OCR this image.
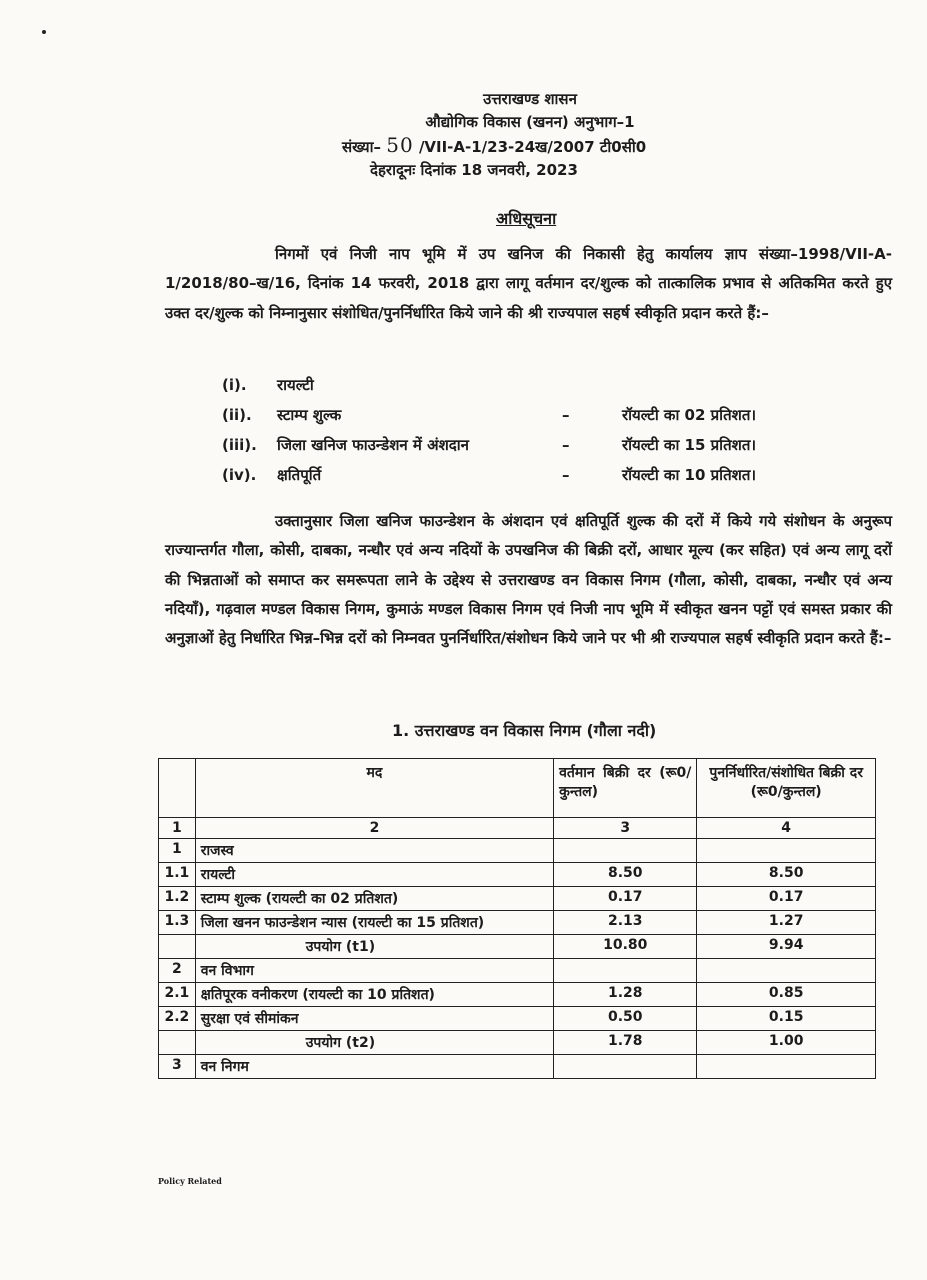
उत्तराखण्ड शासन
औद्योगिक विकास (खनन) अनुभाग–1
संख्या– 50 /VII-A-1/23-24ख/2007 टी0सी0
देहरादूनः दिनांक 18 जनवरी, 2023
अधिसूचना
निगमों एवं निजी नाप भूमि में उप खनिज की निकासी हेतु कार्यालय ज्ञाप संख्या–1998/VII-A-1/2018/80–ख/16, दिनांक 14 फरवरी, 2018 द्वारा लागू वर्तमान दर/शुल्क को तात्कालिक प्रभाव से अतिकमित करते हुए उक्त दर/शुल्क को निम्नानुसार संशोधित/पुनर्निर्धारित किये जाने की श्री राज्यपाल सहर्ष स्वीकृति प्रदान करते हैं:–
(i).	रायल्टी
(ii).	स्टाम्प शुल्क	–	रॉयल्टी का 02 प्रतिशत।
(iii).	जिला खनिज फाउन्डेशन में अंशदान	–	रॉयल्टी का 15 प्रतिशत।
(iv).	क्षतिपूर्ति	–	रॉयल्टी का 10 प्रतिशत।
उक्तानुसार जिला खनिज फाउन्डेशन के अंशदान एवं क्षतिपूर्ति शुल्क की दरों में किये गये संशोधन के अनुरूप राज्यान्तर्गत गौला, कोसी, दाबका, नन्धौर एवं अन्य नदियों के उपखनिज की बिक्री दरों, आधार मूल्य (कर सहित) एवं अन्य लागू दरों की भिन्नताओं को समाप्त कर समरूपता लाने के उद्देश्य से उत्तराखण्ड वन विकास निगम (गौला, कोसी, दाबका, नन्धौर एवं अन्य नदियाँ), गढ़वाल मण्डल विकास निगम, कुमाऊं मण्डल विकास निगम एवं निजी नाप भूमि में स्वीकृत खनन पट्टों एवं समस्त प्रकार की अनुज्ञाओं हेतु निर्धारित भिन्न–भिन्न दरों को निम्नवत पुनर्निर्धारित/संशोधन किये जाने पर भी श्री राज्यपाल सहर्ष स्वीकृति प्रदान करते हैं:–
1. उत्तराखण्ड वन विकास निगम (गौला नदी)
	मद	वर्तमान बिक्री दर (रू0/कुन्तल)	पुनर्निर्धारित/संशोधित बिक्री दर (रू0/कुन्तल)
1	2	3	4
1	राजस्व		
1.1	रायल्टी	8.50	8.50
1.2	स्टाम्प शुल्क (रायल्टी का 02 प्रतिशत)	0.17	0.17
1.3	जिला खनन फाउन्डेशन न्यास (रायल्टी का 15 प्रतिशत)	2.13	1.27
	उपयोग (t1)	10.80	9.94
2	वन विभाग		
2.1	क्षतिपूरक वनीकरण (रायल्टी का 10 प्रतिशत)	1.28	0.85
2.2	सुरक्षा एवं सीमांकन	0.50	0.15
	उपयोग (t2)	1.78	1.00
3	वन निगम		
Policy Related
